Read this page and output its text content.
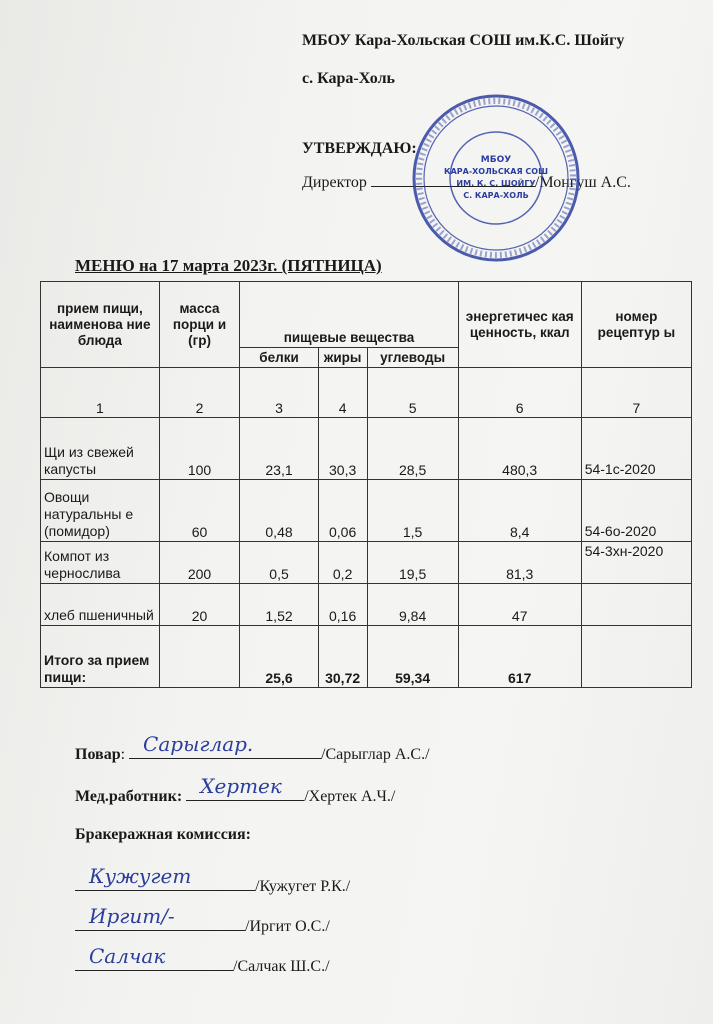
МБОУ Кара-Хольская СОШ им.К.С. Шойгу
с. Кара-Холь
УТВЕРЖДАЮ:
Директор	/Монгуш А.С.
МБОУ
КАРА-ХОЛЬСКАЯ СОШ
ИМ. К. С. ШОЙГУ
С. КАРА-ХОЛЬ
МЕНЮ на 17 марта 2023г. (ПЯТНИЦА)
прием пищи, наименова ние блюда	масса порци и (гр)	пищевые вещества			энергетичес кая ценность, ккал	номер рецептур ы
		белки	жиры	углеводы		
1	2	3	4	5	6	7
Щи из свежей капусты	100	23,1	30,3	28,5	480,3	54-1с-2020
Овощи натуральны е (помидор)	60	0,48	0,06	1,5	8,4	54-6о-2020
Компот из чернослива	200	0,5	0,2	19,5	81,3	54-3хн-2020
хлеб пшеничный	20	1,52	0,16	9,84	47	
Итого за прием пищи:		25,6	30,72	59,34	617	
Повар: Сарыглар.	/Сарыглар А.С./
Мед.работник: Хертек /Хертек А.Ч./
Бракеражная комиссия:
Кужугет	/Кужугет Р.К./
Иргит/-	/Иргит О.С./
Салчак	/Салчак Ш.С./
